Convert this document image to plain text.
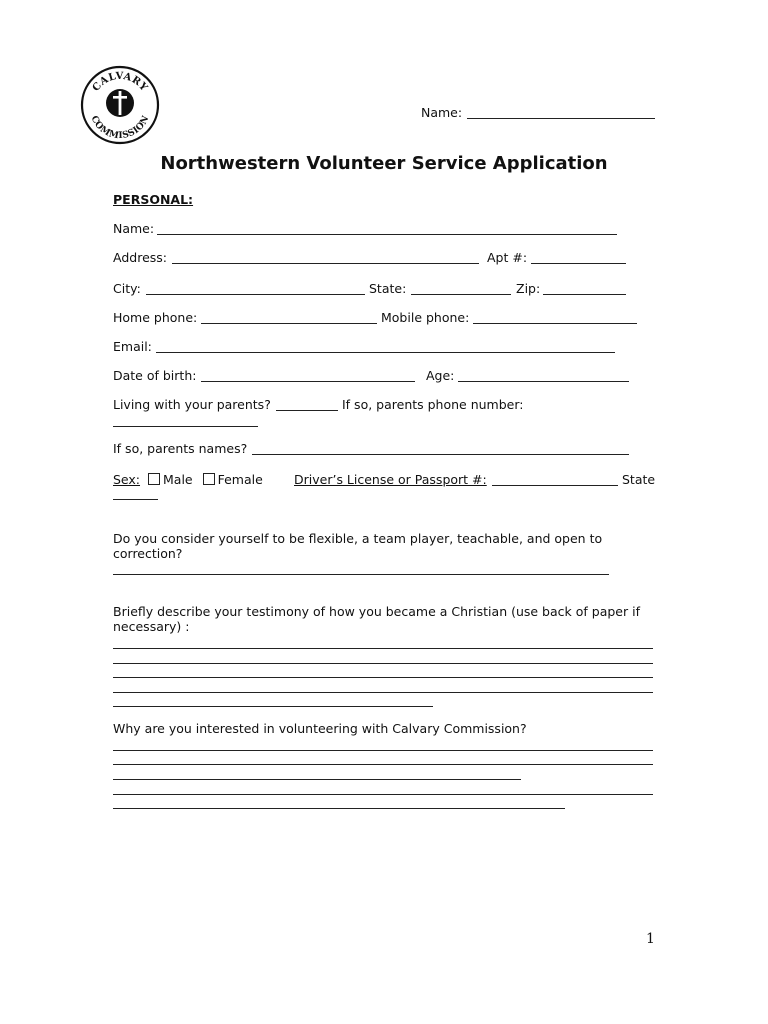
CALVARY
COMMISSION
Name:
Northwestern Volunteer Service Application
PERSONAL:
Name:
Address:	Apt #:
City:	State:	Zip:
Home phone:	Mobile phone:
Email:
Date of birth:	Age:
Living with your parents?	If so, parents phone number:
If so, parents names?
Sex: Male Female Driver’s License or Passport #:	State
Do you consider yourself to be flexible, a team player, teachable, and open to
correction?
Briefly describe your testimony of how you became a Christian (use back of paper if
necessary) :
Why are you interested in volunteering with Calvary Commission?
1
